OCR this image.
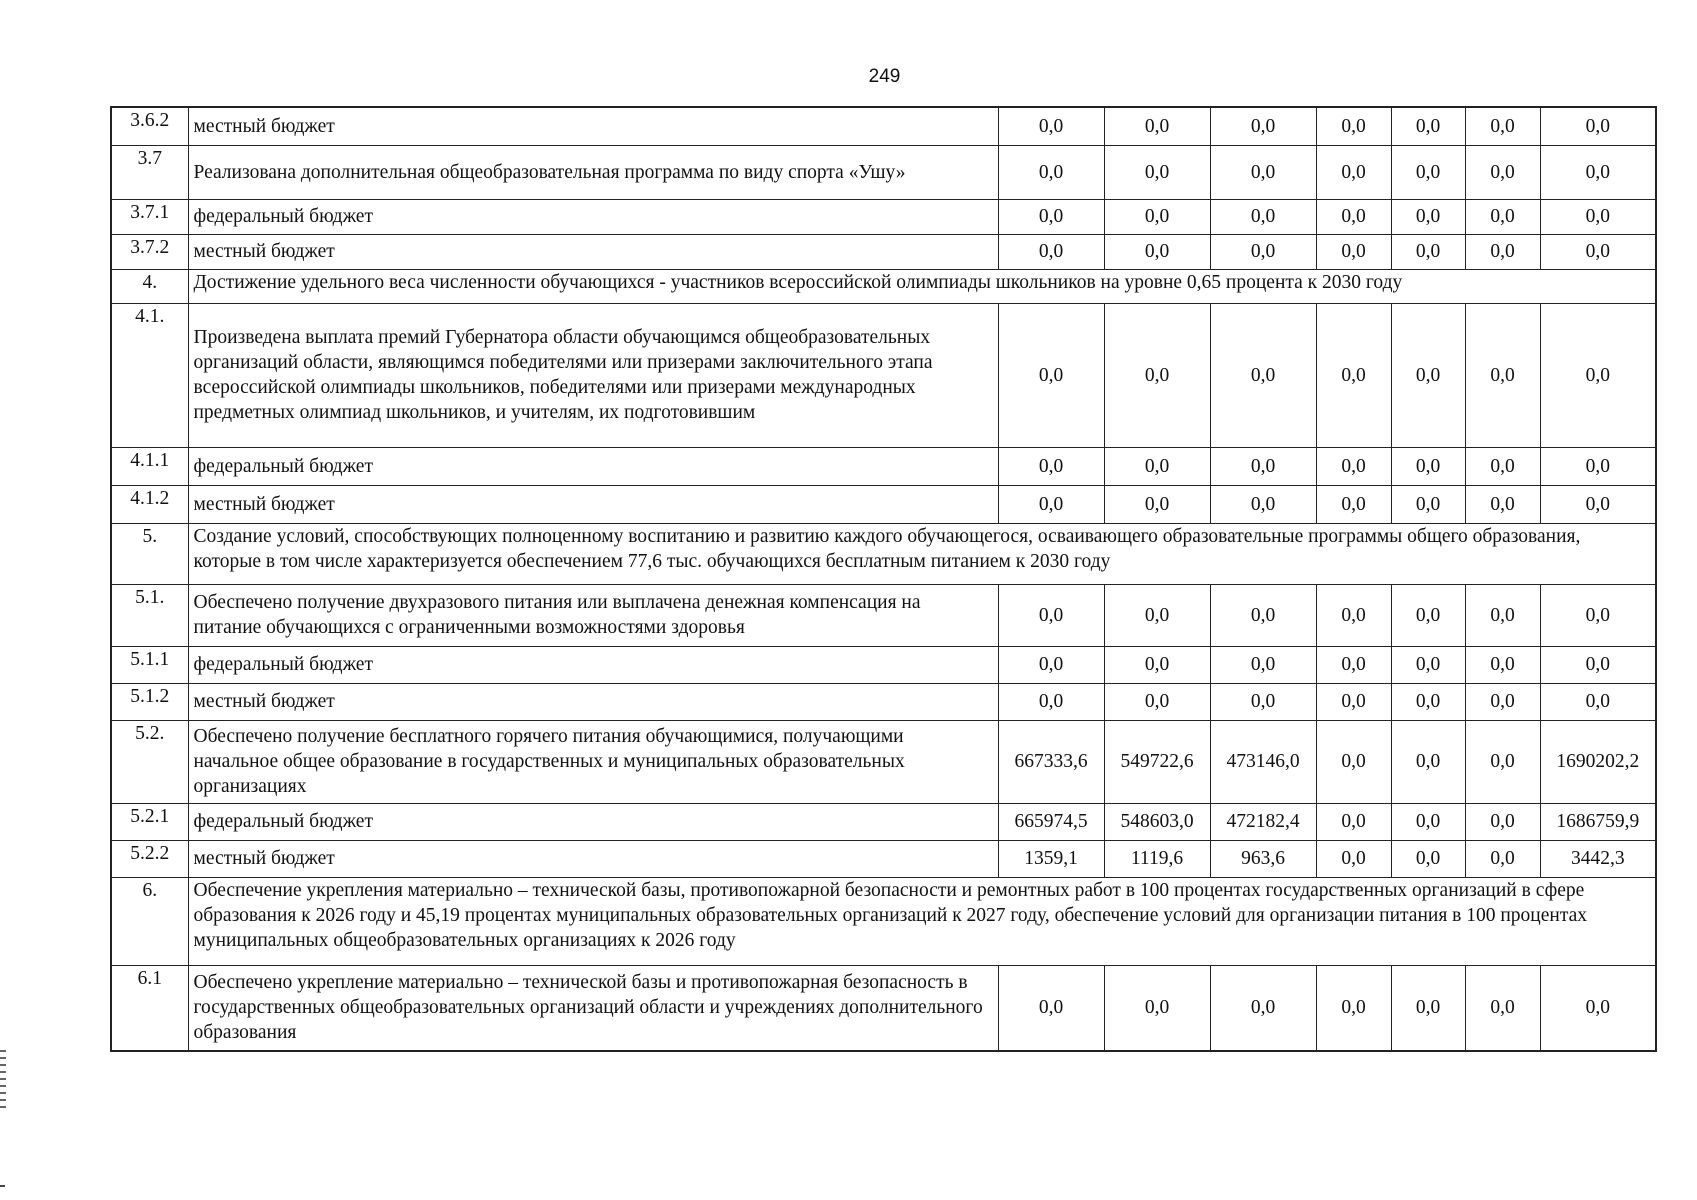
249
3.6.2	местный бюджет	0,0	0,0	0,0	0,0	0,0	0,0	0,0
3.7	Реализована дополнительная общеобразовательная программа по виду спорта «Ушу»	0,0	0,0	0,0	0,0	0,0	0,0	0,0
3.7.1	федеральный бюджет	0,0	0,0	0,0	0,0	0,0	0,0	0,0
3.7.2	местный бюджет	0,0	0,0	0,0	0,0	0,0	0,0	0,0
4.	Достижение удельного веса численности обучающихся - участников всероссийской олимпиады школьников на уровне 0,65 процента к 2030 году							
4.1.	Произведена выплата премий Губернатора области обучающимся общеобразовательных организаций области, являющимся победителями или призерами заключительного этапа всероссийской олимпиады школьников, победителями или призерами международных предметных олимпиад школьников, и учителям, их подготовившим	0,0	0,0	0,0	0,0	0,0	0,0	0,0
4.1.1	федеральный бюджет	0,0	0,0	0,0	0,0	0,0	0,0	0,0
4.1.2	местный бюджет	0,0	0,0	0,0	0,0	0,0	0,0	0,0
5.	Создание условий, способствующих полноценному воспитанию и развитию каждого обучающегося, осваивающего образовательные программы общего образования, которые в том числе характеризуется обеспечением 77,6 тыс. обучающихся бесплатным питанием к 2030 году							
5.1.	Обеспечено получение двухразового питания или выплачена денежная компенсация на питание обучающихся с ограниченными возможностями здоровья	0,0	0,0	0,0	0,0	0,0	0,0	0,0
5.1.1	федеральный бюджет	0,0	0,0	0,0	0,0	0,0	0,0	0,0
5.1.2	местный бюджет	0,0	0,0	0,0	0,0	0,0	0,0	0,0
5.2.	Обеспечено получение бесплатного горячего питания обучающимися, получающими начальное общее образование в государственных и муниципальных образовательных организациях	667333,6	549722,6	473146,0	0,0	0,0	0,0	1690202,2
5.2.1	федеральный бюджет	665974,5	548603,0	472182,4	0,0	0,0	0,0	1686759,9
5.2.2	местный бюджет	1359,1	1119,6	963,6	0,0	0,0	0,0	3442,3
6.	Обеспечение укрепления материально – технической базы, противопожарной безопасности и ремонтных работ в 100 процентах государственных организаций в сфере образования к 2026 году и 45,19 процентах муниципальных образовательных организаций к 2027 году, обеспечение условий для организации питания в 100 процентах муниципальных общеобразовательных организациях к 2026 году							
6.1	Обеспечено укрепление материально – технической базы и противопожарная безопасность в государственных общеобразовательных организаций области и учреждениях дополнительного образования	0,0	0,0	0,0	0,0	0,0	0,0	0,0
